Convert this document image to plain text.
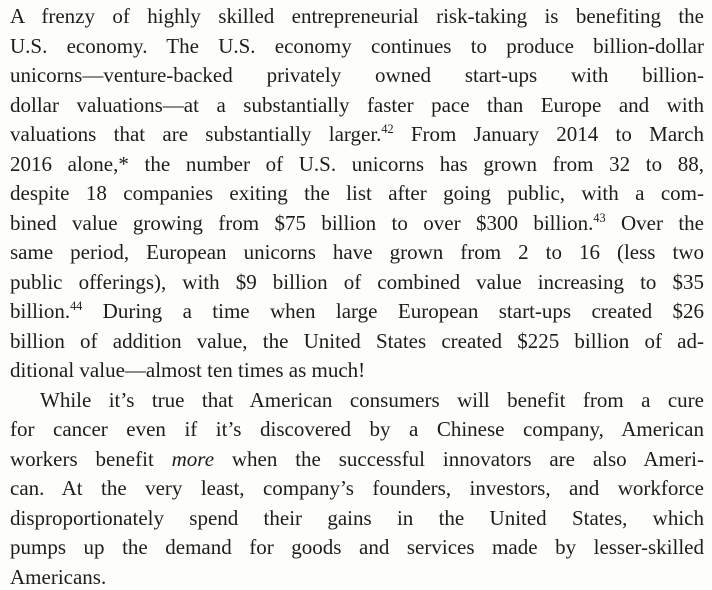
A frenzy of highly skilled entrepreneurial risk-taking is benefiting the
U.S. economy. The U.S. economy continues to produce billion-dollar
unicorns—venture-backed privately owned start-ups with billion-
dollar valuations—at a substantially faster pace than Europe and with
valuations that are substantially larger.$^{42}$ From January 2014 to March
2016 alone,* the number of U.S. unicorns has grown from 32 to 88,
despite 18 companies exiting the list after going public, with a com-
bined value growing from $75 billion to over $300 billion.$^{43}$ Over the
same period, European unicorns have grown from 2 to 16 (less two
public offerings), with $9 billion of combined value increasing to $35
billion.$^{44}$ During a time when large European start-ups created $26
billion of addition value, the United States created $225 billion of ad-
ditional value—almost ten times as much!
While it’s true that American consumers will benefit from a cure
for cancer even if it’s discovered by a Chinese company, American
workers benefit more when the successful innovators are also Ameri-
can. At the very least, company’s founders, investors, and workforce
disproportionately spend their gains in the United States, which
pumps up the demand for goods and services made by lesser-skilled
Americans.
